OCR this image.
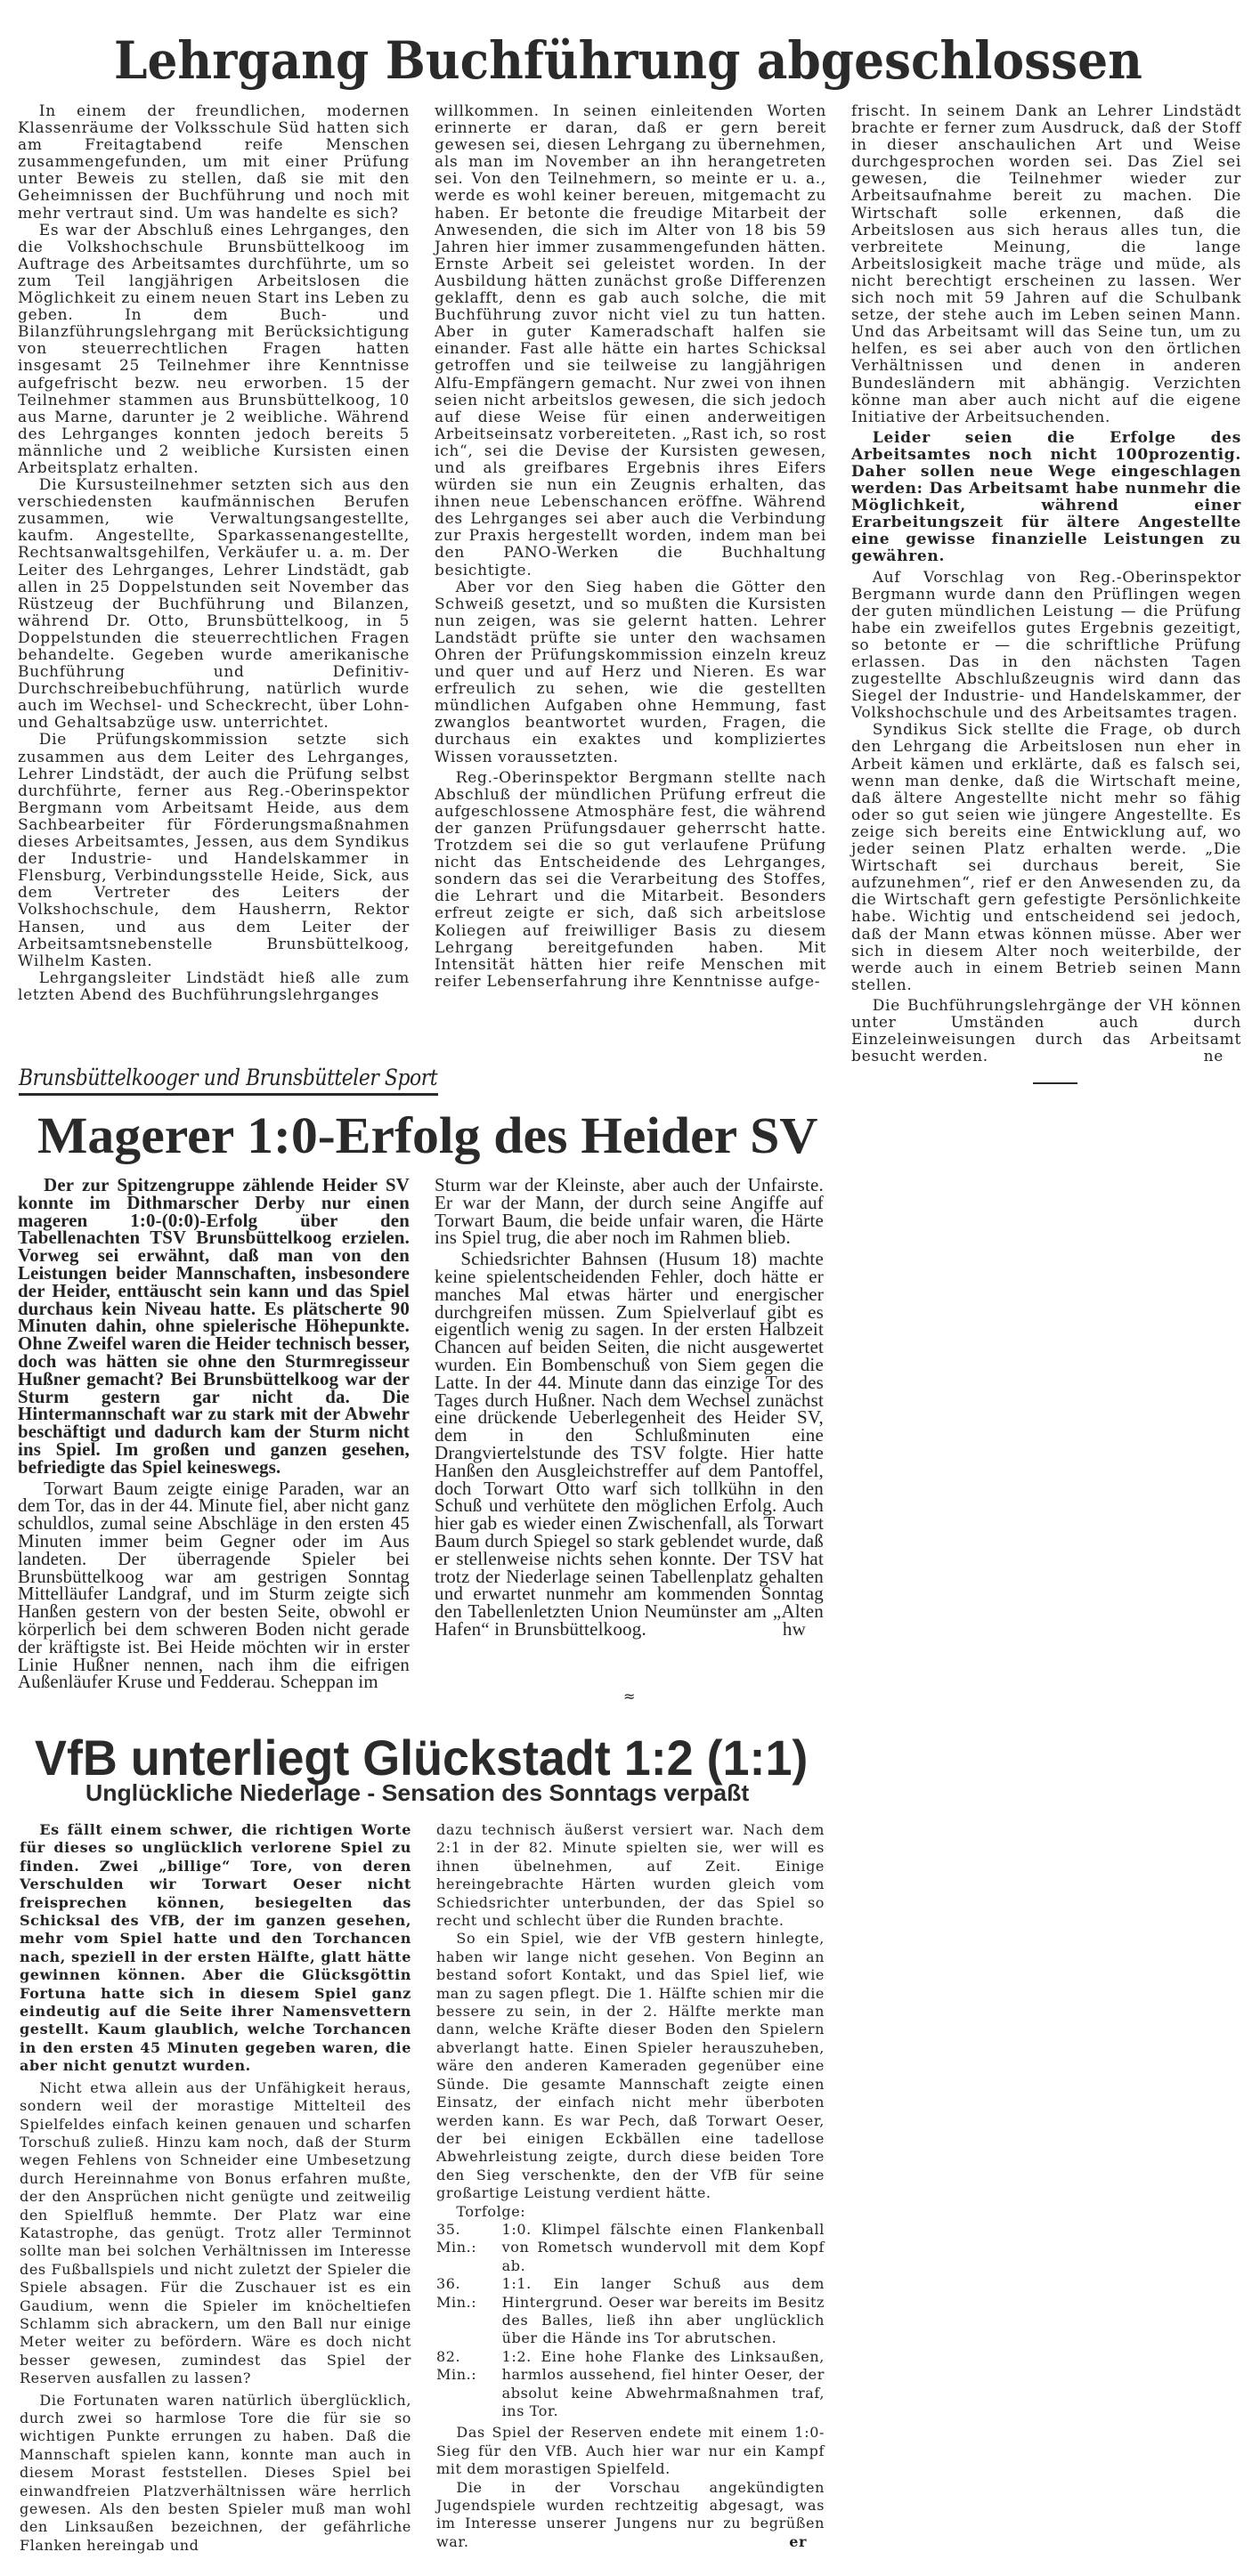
Lehrgang Buchführung abgeschlossen

In einem der freundlichen, modernen Klassenräume der Volksschule Süd hatten sich am Freitagtabend reife Menschen zusammengefunden, um mit einer Prüfung unter Beweis zu stellen, daß sie mit den Geheimnissen der Buchführung und noch mit mehr vertraut sind. Um was handelte es sich?

Es war der Abschluß eines Lehrganges, den die Volkshochschule Brunsbüttelkoog im Auftrage des Arbeitsamtes durchführte, um so zum Teil langjährigen Arbeitslosen die Möglichkeit zu einem neuen Start ins Leben zu geben. In dem Buch- und Bilanzführungslehrgang mit Berücksichtigung von steuerrechtlichen Fragen hatten insgesamt 25 Teilnehmer ihre Kenntnisse aufgefrischt bezw. neu erworben. 15 der Teilnehmer stammen aus Brunsbüttelkoog, 10 aus Marne, darunter je 2 weibliche. Während des Lehrganges konnten jedoch bereits 5 männliche und 2 weibliche Kursisten einen Arbeitsplatz erhalten.

Die Kursusteilnehmer setzten sich aus den verschiedensten kaufmännischen Berufen zusammen, wie Verwaltungsangestellte, kaufm. Angestellte, Sparkassenangestellte, Rechtsanwaltsgehilfen, Verkäufer u. a. m. Der Leiter des Lehrganges, Lehrer Lindstädt, gab allen in 25 Doppelstunden seit November das Rüstzeug der Buchführung und Bilanzen, während Dr. Otto, Brunsbüttelkoog, in 5 Doppelstunden die steuerrechtlichen Fragen behandelte. Gegeben wurde amerikanische Buchführung und Definitiv-Durchschreibebuchführung, natürlich wurde auch im Wechsel- und Scheckrecht, über Lohn- und Gehaltsabzüge usw. unterrichtet.

Die Prüfungskommission setzte sich zusammen aus dem Leiter des Lehrganges, Lehrer Lindstädt, der auch die Prüfung selbst durchführte, ferner aus Reg.-Oberinspektor Bergmann vom Arbeitsamt Heide, aus dem Sachbearbeiter für Förderungsmaßnahmen dieses Arbeitsamtes, Jessen, aus dem Syndikus der Industrie- und Handelskammer in Flensburg, Verbindungsstelle Heide, Sick, aus dem Vertreter des Leiters der Volkshochschule, dem Hausherrn, Rektor Hansen, und aus dem Leiter der Arbeitsamtsnebenstelle Brunsbüttelkoog, Wilhelm Kasten.

Lehrgangsleiter Lindstädt hieß alle zum letzten Abend des Buchführungslehrganges

willkommen. In seinen einleitenden Worten erinnerte er daran, daß er gern bereit gewesen sei, diesen Lehrgang zu übernehmen, als man im November an ihn herangetreten sei. Von den Teilnehmern, so meinte er u. a., werde es wohl keiner bereuen, mitgemacht zu haben. Er betonte die freudige Mitarbeit der Anwesenden, die sich im Alter von 18 bis 59 Jahren hier immer zusammengefunden hätten. Ernste Arbeit sei geleistet worden. In der Ausbildung hätten zunächst große Differenzen geklafft, denn es gab auch solche, die mit Buchführung zuvor nicht viel zu tun hatten. Aber in guter Kameradschaft halfen sie einander. Fast alle hätte ein hartes Schicksal getroffen und sie teilweise zu langjährigen Alfu-Empfängern gemacht. Nur zwei von ihnen seien nicht arbeitslos gewesen, die sich jedoch auf diese Weise für einen anderweitigen Arbeitseinsatz vorbereiteten. „Rast ich, so rost ich“, sei die Devise der Kursisten gewesen, und als greifbares Ergebnis ihres Eifers würden sie nun ein Zeugnis erhalten, das ihnen neue Lebenschancen eröffne. Während des Lehrganges sei aber auch die Verbindung zur Praxis hergestellt worden, indem man bei den PANO-Werken die Buchhaltung besichtigte.

Aber vor den Sieg haben die Götter den Schweiß gesetzt, und so mußten die Kursisten nun zeigen, was sie gelernt hatten. Lehrer Landstädt prüfte sie unter den wachsamen Ohren der Prüfungskommission einzeln kreuz und quer und auf Herz und Nieren. Es war erfreulich zu sehen, wie die gestellten mündlichen Aufgaben ohne Hemmung, fast zwanglos beantwortet wurden, Fragen, die durchaus ein exaktes und kompliziertes Wissen voraussetzten.

Reg.-Oberinspektor Bergmann stellte nach Abschluß der mündlichen Prüfung erfreut die aufgeschlossene Atmosphäre fest, die während der ganzen Prüfungsdauer geherrscht hatte. Trotzdem sei die so gut verlaufene Prüfung nicht das Entscheidende des Lehrganges, sondern das sei die Verarbeitung des Stoffes, die Lehrart und die Mitarbeit. Besonders erfreut zeigte er sich, daß sich arbeitslose Koliegen auf freiwilliger Basis zu diesem Lehrgang bereitgefunden haben. Mit Intensität hätten hier reife Menschen mit reifer Lebenserfahrung ihre Kenntnisse aufge-

frischt. In seinem Dank an Lehrer Lindstädt brachte er ferner zum Ausdruck, daß der Stoff in dieser anschaulichen Art und Weise durchgesprochen worden sei. Das Ziel sei gewesen, die Teilnehmer wieder zur Arbeitsaufnahme bereit zu machen. Die Wirtschaft solle erkennen, daß die Arbeitslosen aus sich heraus alles tun, die verbreitete Meinung, die lange Arbeitslosigkeit mache träge und müde, als nicht berechtigt erscheinen zu lassen. Wer sich noch mit 59 Jahren auf die Schulbank setze, der stehe auch im Leben seinen Mann. Und das Arbeitsamt will das Seine tun, um zu helfen, es sei aber auch von den örtlichen Verhältnissen und denen in anderen Bundesländern mit abhängig. Verzichten könne man aber auch nicht auf die eigene Initiative der Arbeitsuchenden.

Leider seien die Erfolge des Arbeitsamtes noch nicht 100prozentig. Daher sollen neue Wege eingeschlagen werden: Das Arbeitsamt habe nunmehr die Möglichkeit, während einer Erarbeitungszeit für ältere Angestellte eine gewisse finanzielle Leistungen zu gewähren.

Auf Vorschlag von Reg.-Oberinspektor Bergmann wurde dann den Prüflingen wegen der guten mündlichen Leistung — die Prüfung habe ein zweifellos gutes Ergebnis gezeitigt, so betonte er — die schriftliche Prüfung erlassen. Das in den nächsten Tagen zugestellte Abschlußzeugnis wird dann das Siegel der Industrie- und Handelskammer, der Volkshochschule und des Arbeitsamtes tragen.

Syndikus Sick stellte die Frage, ob durch den Lehrgang die Arbeitslosen nun eher in Arbeit kämen und erklärte, daß es falsch sei, wenn man denke, daß die Wirtschaft meine, daß ältere Angestellte nicht mehr so fähig oder so gut seien wie jüngere Angestellte. Es zeige sich bereits eine Entwicklung auf, wo jeder seinen Platz erhalten werde. „Die Wirtschaft sei durchaus bereit, Sie aufzunehmen“, rief er den Anwesenden zu, da die Wirtschaft gern gefestigte Persönlichkeite habe. Wichtig und entscheidend sei jedoch, daß der Mann etwas können müsse. Aber wer sich in diesem Alter noch weiterbilde, der werde auch in einem Betrieb seinen Mann stellen.

Die Buchführungslehrgänge der VH können unter Umständen auch durch Einzeleinweisungen durch das Arbeitsamt besucht werden.	ne

Brunsbüttelkooger und Brunsbütteler Sport
Magerer 1:0-Erfolg des Heider SV

Der zur Spitzengruppe zählende Heider SV konnte im Dithmarscher Derby nur einen mageren 1:0-(0:0)-Erfolg über den Tabellenachten TSV Brunsbüttelkoog erzielen. Vorweg sei erwähnt, daß man von den Leistungen beider Mannschaften, insbesondere der Heider, enttäuscht sein kann und das Spiel durchaus kein Niveau hatte. Es plätscherte 90 Minuten dahin, ohne spielerische Höhepunkte. Ohne Zweifel waren die Heider technisch besser, doch was hätten sie ohne den Sturmregisseur Hußner gemacht? Bei Brunsbüttelkoog war der Sturm gestern gar nicht da. Die Hintermannschaft war zu stark mit der Abwehr beschäftigt und dadurch kam der Sturm nicht ins Spiel. Im großen und ganzen gesehen, befriedigte das Spiel keineswegs.

Torwart Baum zeigte einige Paraden, war an dem Tor, das in der 44. Minute fiel, aber nicht ganz schuldlos, zumal seine Abschläge in den ersten 45 Minuten immer beim Gegner oder im Aus landeten. Der überragende Spieler bei Brunsbüttelkoog war am gestrigen Sonntag Mittelläufer Landgraf, und im Sturm zeigte sich Hanßen gestern von der besten Seite, obwohl er körperlich bei dem schweren Boden nicht gerade der kräftigste ist. Bei Heide möchten wir in erster Linie Hußner nennen, nach ihm die eifrigen Außenläufer Kruse und Fedderau. Scheppan im

Sturm war der Kleinste, aber auch der Unfairste. Er war der Mann, der durch seine Angiffe auf Torwart Baum, die beide unfair waren, die Härte ins Spiel trug, die aber noch im Rahmen blieb.

Schiedsrichter Bahnsen (Husum 18) machte keine spielentscheidenden Fehler, doch hätte er manches Mal etwas härter und energischer durchgreifen müssen. Zum Spielverlauf gibt es eigentlich wenig zu sagen. In der ersten Halbzeit Chancen auf beiden Seiten, die nicht ausgewertet wurden. Ein Bombenschuß von Siem gegen die Latte. In der 44. Minute dann das einzige Tor des Tages durch Hußner. Nach dem Wechsel zunächst eine drückende Ueberlegenheit des Heider SV, dem in den Schlußminuten eine Drangviertelstunde des TSV folgte. Hier hatte Hanßen den Ausgleichstreffer auf dem Pantoffel, doch Torwart Otto warf sich tollkühn in den Schuß und verhütete den möglichen Erfolg. Auch hier gab es wieder einen Zwischenfall, als Torwart Baum durch Spiegel so stark geblendet wurde, daß er stellenweise nichts sehen konnte. Der TSV hat trotz der Niederlage seinen Tabellenplatz gehalten und erwartet nunmehr am kommenden Sonntag den Tabellenletzten Union Neumünster am „Alten Hafen“ in Brunsbüttelkoog.	hw

≈
VfB unterliegt Glückstadt 1:2 (1:1)
Unglückliche Niederlage - Sensation des Sonntags verpaßt

Es fällt einem schwer, die richtigen Worte für dieses so unglücklich verlorene Spiel zu finden. Zwei „billige“ Tore, von deren Verschulden wir Torwart Oeser nicht freisprechen können, besiegelten das Schicksal des VfB, der im ganzen gesehen, mehr vom Spiel hatte und den Torchancen nach, speziell in der ersten Hälfte, glatt hätte gewinnen können. Aber die Glücksgöttin Fortuna hatte sich in diesem Spiel ganz eindeutig auf die Seite ihrer Namensvettern gestellt. Kaum glaublich, welche Torchancen in den ersten 45 Minuten gegeben waren, die aber nicht genutzt wurden.

Nicht etwa allein aus der Unfähigkeit heraus, sondern weil der morastige Mittelteil des Spielfeldes einfach keinen genauen und scharfen Torschuß zuließ. Hinzu kam noch, daß der Sturm wegen Fehlens von Schneider eine Umbesetzung durch Hereinnahme von Bonus erfahren mußte, der den Ansprüchen nicht genügte und zeitweilig den Spielfluß hemmte. Der Platz war eine Katastrophe, das genügt. Trotz aller Terminnot sollte man bei solchen Verhältnissen im Interesse des Fußballspiels und nicht zuletzt der Spieler die Spiele absagen. Für die Zuschauer ist es ein Gaudium, wenn die Spieler im knöcheltiefen Schlamm sich abrackern, um den Ball nur einige Meter weiter zu befördern. Wäre es doch nicht besser gewesen, zumindest das Spiel der Reserven ausfallen zu lassen?

Die Fortunaten waren natürlich überglücklich, durch zwei so harmlose Tore die für sie so wichtigen Punkte errungen zu haben. Daß die Mannschaft spielen kann, konnte man auch in diesem Morast feststellen. Dieses Spiel bei einwandfreien Platzverhältnissen wäre herrlich gewesen. Als den besten Spieler muß man wohl den Linksaußen bezeichnen, der gefährliche Flanken hereingab und

dazu technisch äußerst versiert war. Nach dem 2:1 in der 82. Minute spielten sie, wer will es ihnen übelnehmen, auf Zeit. Einige hereingebrachte Härten wurden gleich vom Schiedsrichter unterbunden, der das Spiel so recht und schlecht über die Runden brachte.

So ein Spiel, wie der VfB gestern hinlegte, haben wir lange nicht gesehen. Von Beginn an bestand sofort Kontakt, und das Spiel lief, wie man zu sagen pflegt. Die 1. Hälfte schien mir die bessere zu sein, in der 2. Hälfte merkte man dann, welche Kräfte dieser Boden den Spielern abverlangt hatte. Einen Spieler herauszuheben, wäre den anderen Kameraden gegenüber eine Sünde. Die gesamte Mannschaft zeigte einen Einsatz, der einfach nicht mehr überboten werden kann. Es war Pech, daß Torwart Oeser, der bei einigen Eckbällen eine tadellose Abwehrleistung zeigte, durch diese beiden Tore den Sieg verschenkte, den der VfB für seine großartige Leistung verdient hätte.

Torfolge:

35. Min.:
1:0. Klimpel fälschte einen Flankenball von Rometsch wundervoll mit dem Kopf ab.
36. Min.:
1:1. Ein langer Schuß aus dem Hintergrund. Oeser war bereits im Besitz des Balles, ließ ihn aber unglücklich über die Hände ins Tor abrutschen.
82. Min.:
1:2. Eine hohe Flanke des Linksaußen, harmlos aussehend, fiel hinter Oeser, der absolut keine Abwehrmaßnahmen traf, ins Tor.

Das Spiel der Reserven endete mit einem 1:0-Sieg für den VfB. Auch hier war nur ein Kampf mit dem morastigen Spielfeld.

Die in der Vorschau angekündigten Jugendspiele wurden rechtzeitig abgesagt, was im Interesse unserer Jungens nur zu begrüßen war.	er
